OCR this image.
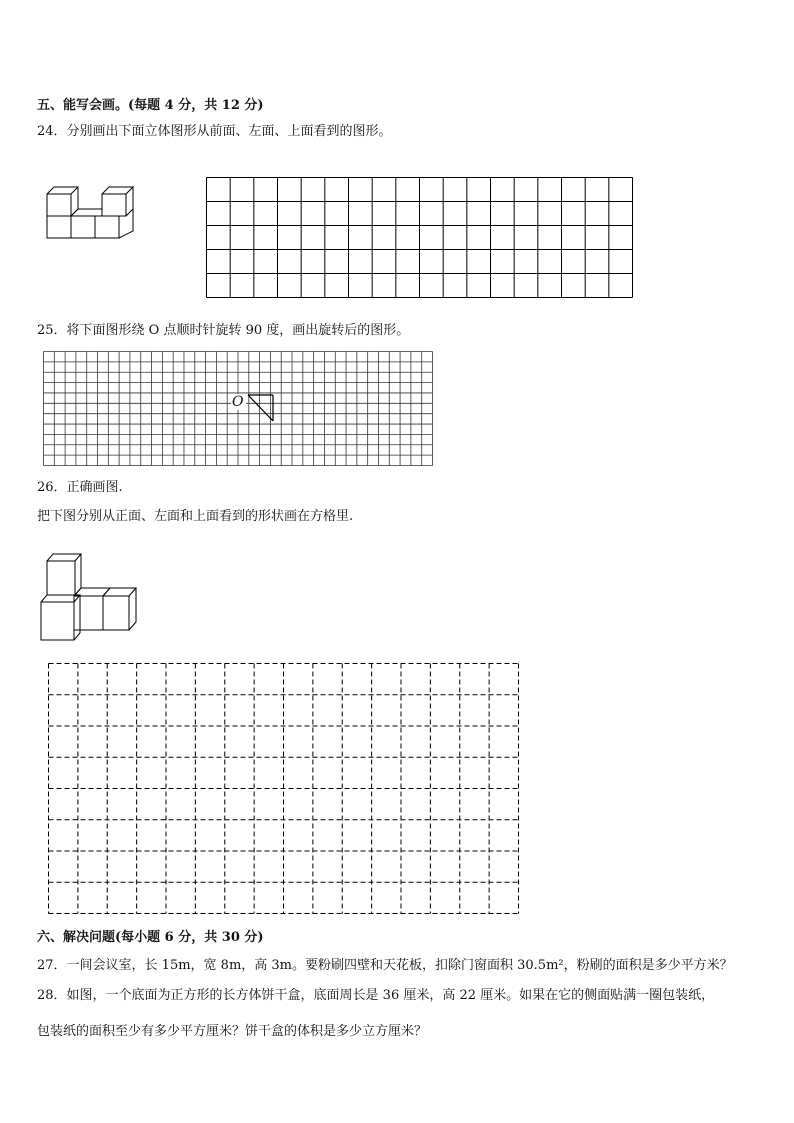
五、能写会画。(每题 4 分，共 12 分)
24．分别画出下面立体图形从前面、左面、上面看到的图形。
25．将下面图形绕 O 点顺时针旋转 90 度，画出旋转后的图形。
O
26．正确画图.
把下图分别从正面、左面和上面看到的形状画在方格里.
六、解决问题(每小题 6 分，共 30 分)
27．一间会议室，长 15m，宽 8m，高 3m。要粉刷四壁和天花板，扣除门窗面积 30.5m²，粉刷的面积是多少平方米？
28．如图，一个底面为正方形的长方体饼干盒，底面周长是 36 厘米，高 22 厘米。如果在它的侧面贴满一圈包装纸，
包装纸的面积至少有多少平方厘米？饼干盒的体积是多少立方厘米？
